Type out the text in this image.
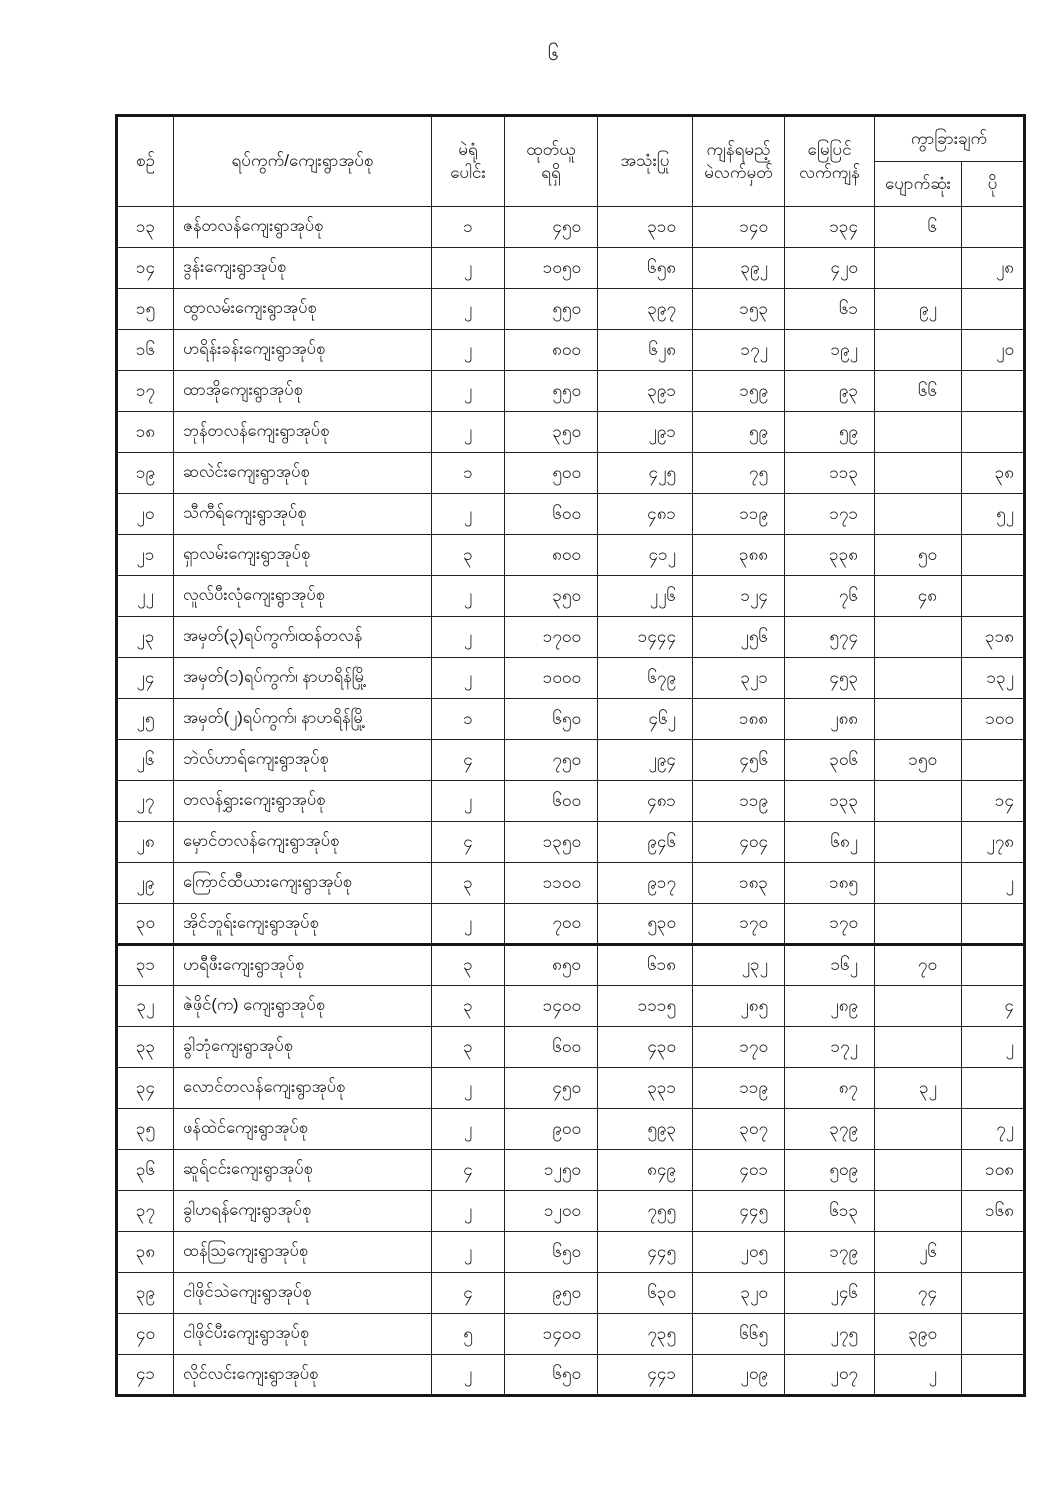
၆
စဉ်	ရပ်ကွက်/ကျေးရွာအုပ်စု	
မဲရုံ
ပေါင်း

ထုတ်ယူ
ရရှိ
	အသုံးပြု	
ကျန်ရမည့်
မဲလက်မှတ်

မြေပြင်
လက်ကျန်
	ကွာခြားချက်
							ပျောက်ဆုံး	ပို
၁၃	ဇန်တလန်ကျေးရွာအုပ်စု	၁	၄၅၀	၃၁၀	၁၄၀	၁၃၄	၆	
၁၄	ဒွန်းကျေးရွာအုပ်စု	၂	၁၀၅၀	၆၅၈	၃၉၂	၄၂၀		၂၈
၁၅	ထွာလမ်းကျေးရွာအုပ်စု	၂	၅၅၀	၃၉၇	၁၅၃	၆၁	၉၂	
၁၆	ဟရိန်းခန်းကျေးရွာအုပ်စု	၂	၈၀၀	၆၂၈	၁၇၂	၁၉၂		၂၀
၁၇	ထာအိုကျေးရွာအုပ်စု	၂	၅၅၀	၃၉၁	၁၅၉	၉၃	၆၆	
၁၈	ဘုန်တလန်ကျေးရွာအုပ်စု	၂	၃၅၀	၂၉၁	၅၉	၅၉		
၁၉	ဆလဲင်းကျေးရွာအုပ်စု	၁	၅၀၀	၄၂၅	၇၅	၁၁၃		၃၈
၂၀	သီကီရ်ကျေးရွာအုပ်စု	၂	၆၀၀	၄၈၁	၁၁၉	၁၇၁		၅၂
၂၁	ရှာလမ်းကျေးရွာအုပ်စု	၃	၈၀၀	၄၁၂	၃၈၈	၃၃၈	၅၀	
၂၂	လူလ်ပီးလုံကျေးရွာအုပ်စု	၂	၃၅၀	၂၂၆	၁၂၄	၇၆	၄၈	
၂၃	အမှတ်(၃)ရပ်ကွက်၊ထန်တလန်	၂	၁၇၀၀	၁၄၄၄	၂၅၆	၅၇၄		၃၁၈
၂၄	အမှတ်(၁)ရပ်ကွက်၊ နာဟရိန်မြို့	၂	၁၀၀၀	၆၇၉	၃၂၁	၄၅၃		၁၃၂
၂၅	အမှတ်(၂)ရပ်ကွက်၊ နာဟရိန်မြို့	၁	၆၅၀	၄၆၂	၁၈၈	၂၈၈		၁၀၀
၂၆	ဘဲလ်ဟာရ်ကျေးရွာအုပ်စု	၄	၇၅၀	၂၉၄	၄၅၆	၃၀၆	၁၅၀	
၂၇	တလန်ရွှားကျေးရွာအုပ်စု	၂	၆၀၀	၄၈၁	၁၁၉	၁၃၃		၁၄
၂၈	မှောင်တလန်ကျေးရွာအုပ်စု	၄	၁၃၅၀	၉၄၆	၄၀၄	၆၈၂		၂၇၈
၂၉	ကြောင်ထီယားကျေးရွာအုပ်စု	၃	၁၁၀၀	၉၁၇	၁၈၃	၁၈၅		၂
၃၀	အိုင်ဘူရ်းကျေးရွာအုပ်စု	၂	၇၀၀	၅၃၀	၁၇၀	၁၇၀		
၃၁	ဟရီဖီးကျေးရွာအုပ်စု	၃	၈၅၀	၆၁၈	၂၃၂	၁၆၂	၇၀	
၃၂	ဇဲဖိုင်(က) ကျေးရွာအုပ်စု	၃	၁၄၀၀	၁၁၁၅	၂၈၅	၂၈၉		၄
၃၃	ခွါဘုံကျေးရွာအုပ်စု	၃	၆၀၀	၄၃၀	၁၇၀	၁၇၂		၂
၃၄	လောင်တလန်ကျေးရွာအုပ်စု	၂	၄၅၀	၃၃၁	၁၁၉	၈၇	၃၂	
၃၅	ဖန်ထဲင်ကျေးရွာအုပ်စု	၂	၉၀၀	၅၉၃	၃၀၇	၃၇၉		၇၂
၃၆	ဆူရ်ငင်းကျေးရွာအုပ်စု	၄	၁၂၅၀	၈၄၉	၄၀၁	၅၀၉		၁၀၈
၃၇	ခွါဟရန်ကျေးရွာအုပ်စု	၂	၁၂၀၀	၇၅၅	၄၄၅	၆၁၃		၁၆၈
၃၈	ထန်သြကျေးရွာအုပ်စု	၂	၆၅၀	၄၄၅	၂၀၅	၁၇၉	၂၆	
၃၉	ငါဖိုင်သဲကျေးရွာအုပ်စု	၄	၉၅၀	၆၃၀	၃၂၀	၂၄၆	၇၄	
၄၀	ငါဖိုင်ပီးကျေးရွာအုပ်စု	၅	၁၄၀၀	၇၃၅	၆၆၅	၂၇၅	၃၉၀	
၄၁	လိုင်လင်းကျေးရွာအုပ်စု	၂	၆၅၀	၄၄၁	၂၀၉	၂၀၇	၂	
